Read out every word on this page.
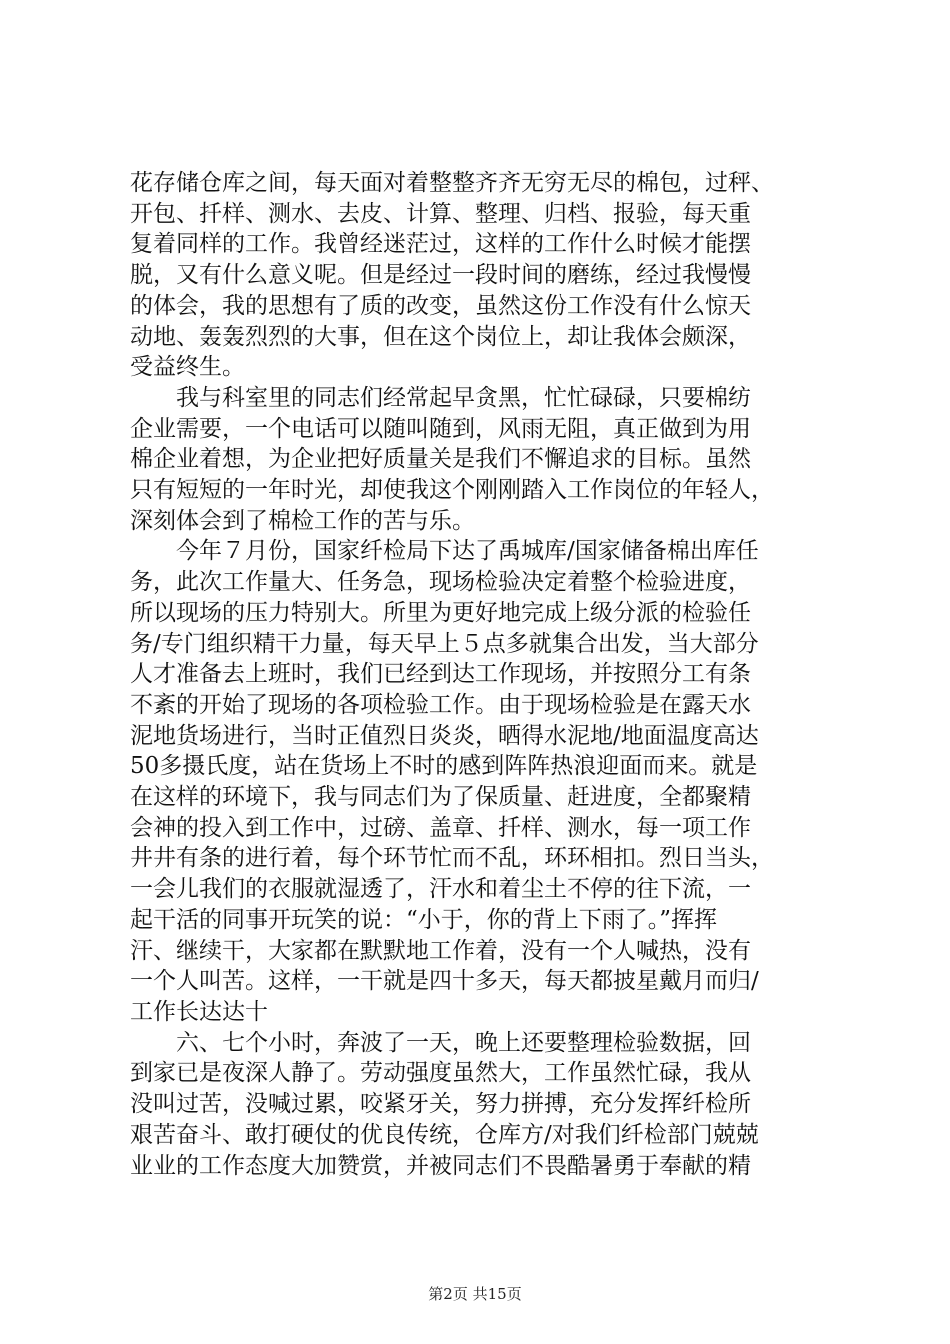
花存储仓库之间，每天面对着整整齐齐无穷无尽的棉包，过秤、
开包、扦样、测水、去皮、计算、整理、归档、报验，每天重
复着同样的工作。我曾经迷茫过，这样的工作什么时候才能摆
脱，又有什么意义呢。但是经过一段时间的磨练，经过我慢慢
的体会，我的思想有了质的改变，虽然这份工作没有什么惊天
动地、轰轰烈烈的大事，但在这个岗位上，却让我体会颇深，
受益终生。
我与科室里的同志们经常起早贪黑，忙忙碌碌，只要棉纺
企业需要，一个电话可以随叫随到，风雨无阻，真正做到为用
棉企业着想，为企业把好质量关是我们不懈追求的目标。虽然
只有短短的一年时光，却使我这个刚刚踏入工作岗位的年轻人，
深刻体会到了棉检工作的苦与乐。
今年７月份，国家纤检局下达了禹城库/国家储备棉出库任
务，此次工作量大、任务急，现场检验决定着整个检验进度，
所以现场的压力特别大。所里为更好地完成上级分派的检验任
务/专门组织精干力量，每天早上５点多就集合出发，当大部分
人才准备去上班时，我们已经到达工作现场，并按照分工有条
不紊的开始了现场的各项检验工作。由于现场检验是在露天水
泥地货场进行，当时正值烈日炎炎，晒得水泥地/地面温度高达
50多摄氏度，站在货场上不时的感到阵阵热浪迎面而来。就是
在这样的环境下，我与同志们为了保质量、赶进度，全都聚精
会神的投入到工作中，过磅、盖章、扦样、测水，每一项工作
井井有条的进行着，每个环节忙而不乱，环环相扣。烈日当头，
一会儿我们的衣服就湿透了，汗水和着尘土不停的往下流，一
起干活的同事开玩笑的说：“小于，你的背上下雨了。”挥挥
汗、继续干，大家都在默默地工作着，没有一个人喊热，没有
一个人叫苦。这样，一干就是四十多天，每天都披星戴月而归/
工作长达达十
六、七个小时，奔波了一天，晚上还要整理检验数据，回
到家已是夜深人静了。劳动强度虽然大，工作虽然忙碌，我从
没叫过苦，没喊过累，咬紧牙关，努力拼搏，充分发挥纤检所
艰苦奋斗、敢打硬仗的优良传统，仓库方/对我们纤检部门兢兢
业业的工作态度大加赞赏，并被同志们不畏酷暑勇于奉献的精
第2页 共15页
